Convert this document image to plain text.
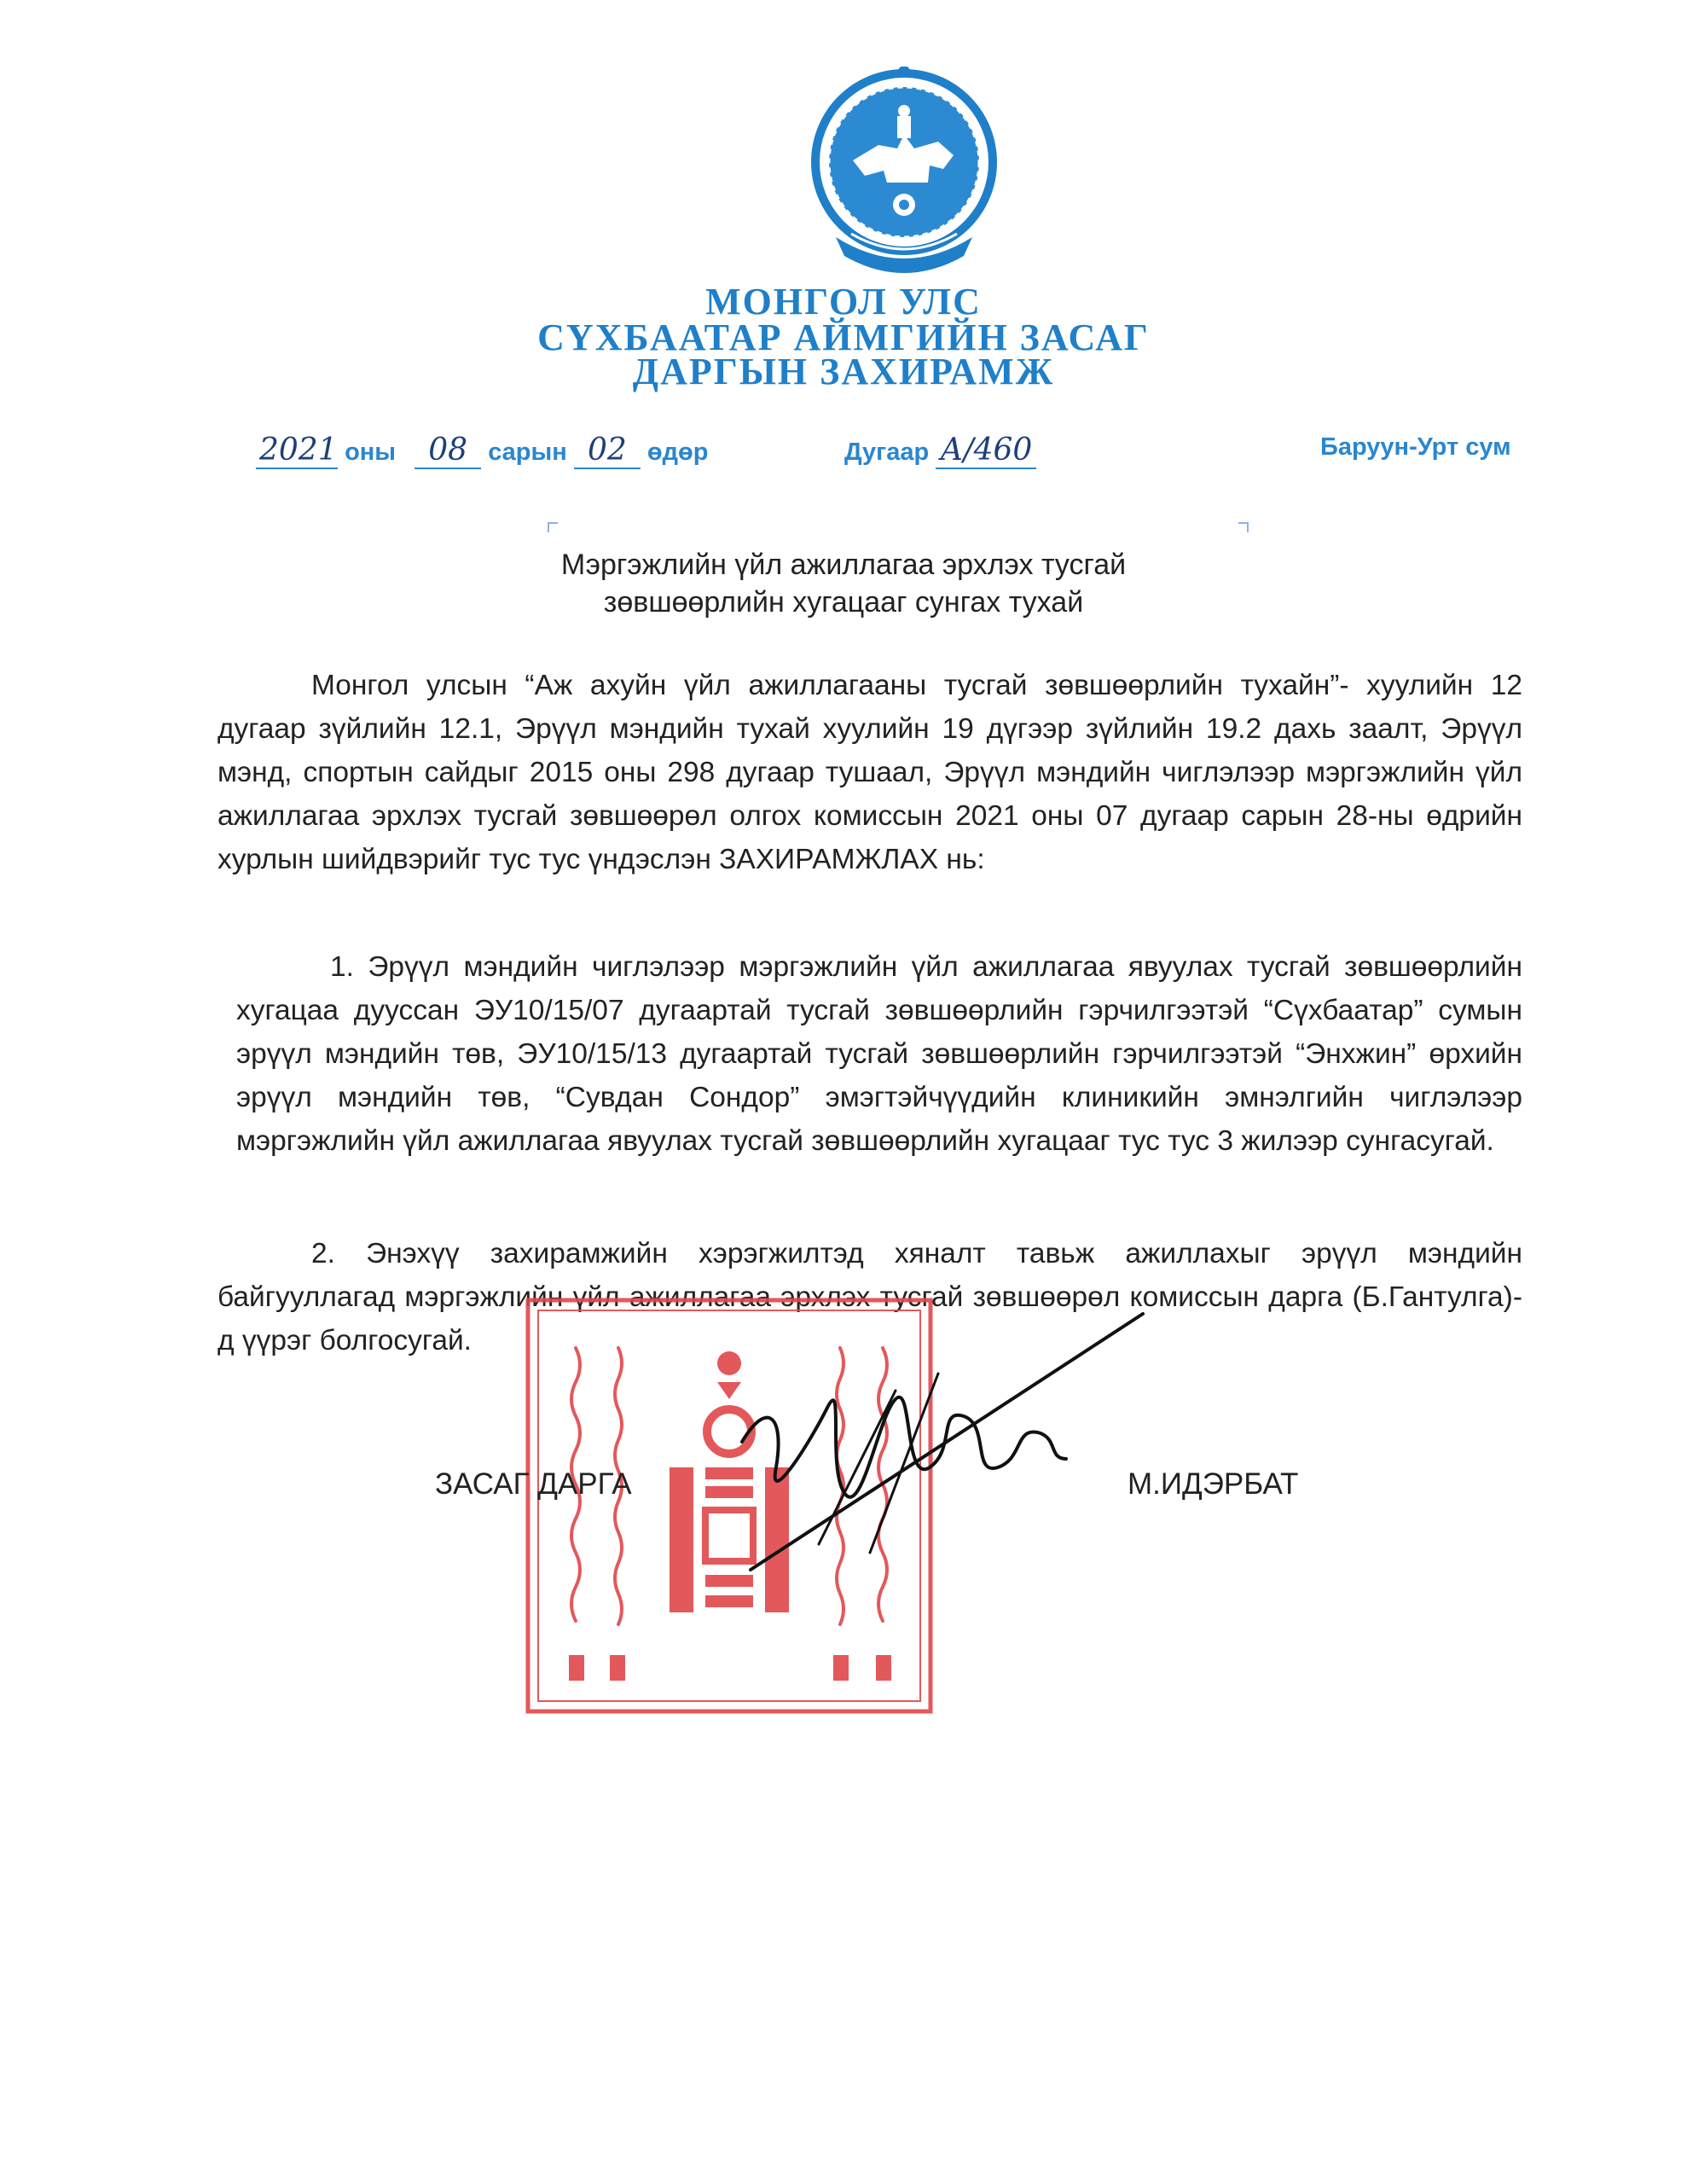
МОНГОЛ УЛС
СҮХБААТАР АЙМГИЙН ЗАСАГ
ДАРГЫН ЗАХИРАМЖ
2021 оны 08 сарын 02 өдөр	Дугаар А/460	Баруун-Урт сум
Мэргэжлийн үйл ажиллагаа эрхлэх тусгай
зөвшөөрлийн хугацааг сунгах тухай
Монгол улсын “Аж ахуйн үйл ажиллагааны тусгай зөвшөөрлийн тухайн”- хуулийн 12 дугаар зүйлийн 12.1, Эрүүл мэндийн тухай хуулийн 19 дүгээр зүйлийн 19.2 дахь заалт, Эрүүл мэнд, спортын сайдыг 2015 оны 298 дугаар тушаал, Эрүүл мэндийн чиглэлээр мэргэжлийн үйл ажиллагаа эрхлэх тусгай зөвшөөрөл олгох комиссын 2021 оны 07 дугаар сарын 28-ны өдрийн хурлын шийдвэрийг тус тус үндэслэн ЗАХИРАМЖЛАХ нь:
1. Эрүүл мэндийн чиглэлээр мэргэжлийн үйл ажиллагаа явуулах тусгай зөвшөөрлийн хугацаа дууссан ЭУ10/15/07 дугаартай тусгай зөвшөөрлийн гэрчилгээтэй “Сүхбаатар” сумын эрүүл мэндийн төв, ЭУ10/15/13 дугаартай тусгай зөвшөөрлийн гэрчилгээтэй “Энхжин” өрхийн эрүүл мэндийн төв, “Сувдан Сондор” эмэгтэйчүүдийн клиникийн эмнэлгийн чиглэлээр мэргэжлийн үйл ажиллагаа явуулах тусгай зөвшөөрлийн хугацааг тус тус 3 жилээр сунгасугай.
2. Энэхүү захирамжийн хэрэгжилтэд хяналт тавьж ажиллахыг эрүүл мэндийн байгууллагад мэргэжлийн үйл ажиллагаа эрхлэх тусгай зөвшөөрөл комиссын дарга (Б.Гантулга)-д үүрэг болгосугай.
ЗАСАГ ДАРГА	М.ИДЭРБАТ
